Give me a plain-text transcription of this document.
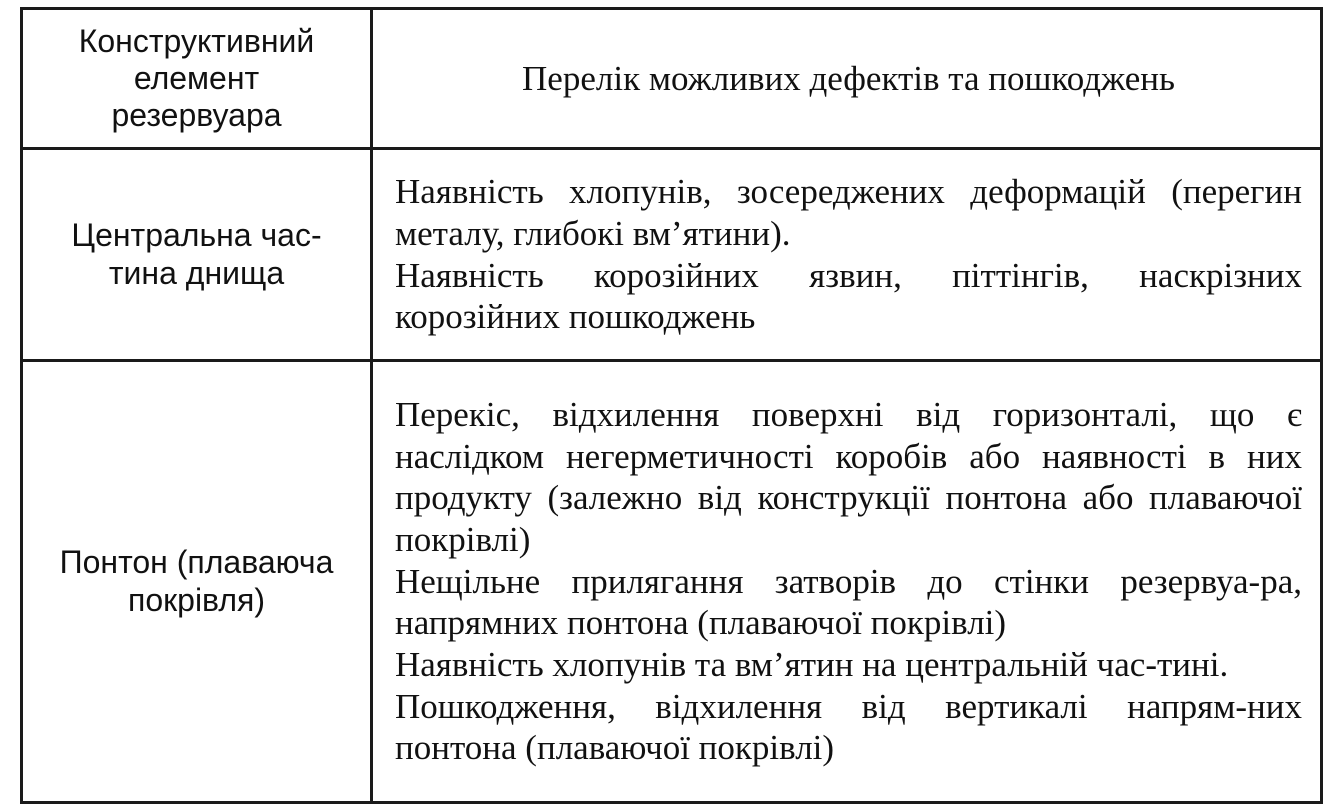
Конструктивний
елемент
резервуара	Перелік можливих дефектів та пошкоджень

Центральна час-
тина днища	Наявність хлопунів, зосереджених деформацій (перегин металу, глибокі вм’ятини).
Наявність корозійних язвин, піттінгів, наскрізних корозійних пошкоджень

Понтон (плаваюча
покрівля)	Перекіс, відхилення поверхні від горизонталі, що є наслідком негерметичності коробів або наявності в них продукту (залежно від конструкції понтона або плаваючої покрівлі)
Нещільне прилягання затворів до стінки резервуа-ра, напрямних понтона (плаваючої покрівлі)
Наявність хлопунів та вм’ятин на центральній час-тині.
Пошкодження, відхилення від вертикалі напрям-них понтона (плаваючої покрівлі)
